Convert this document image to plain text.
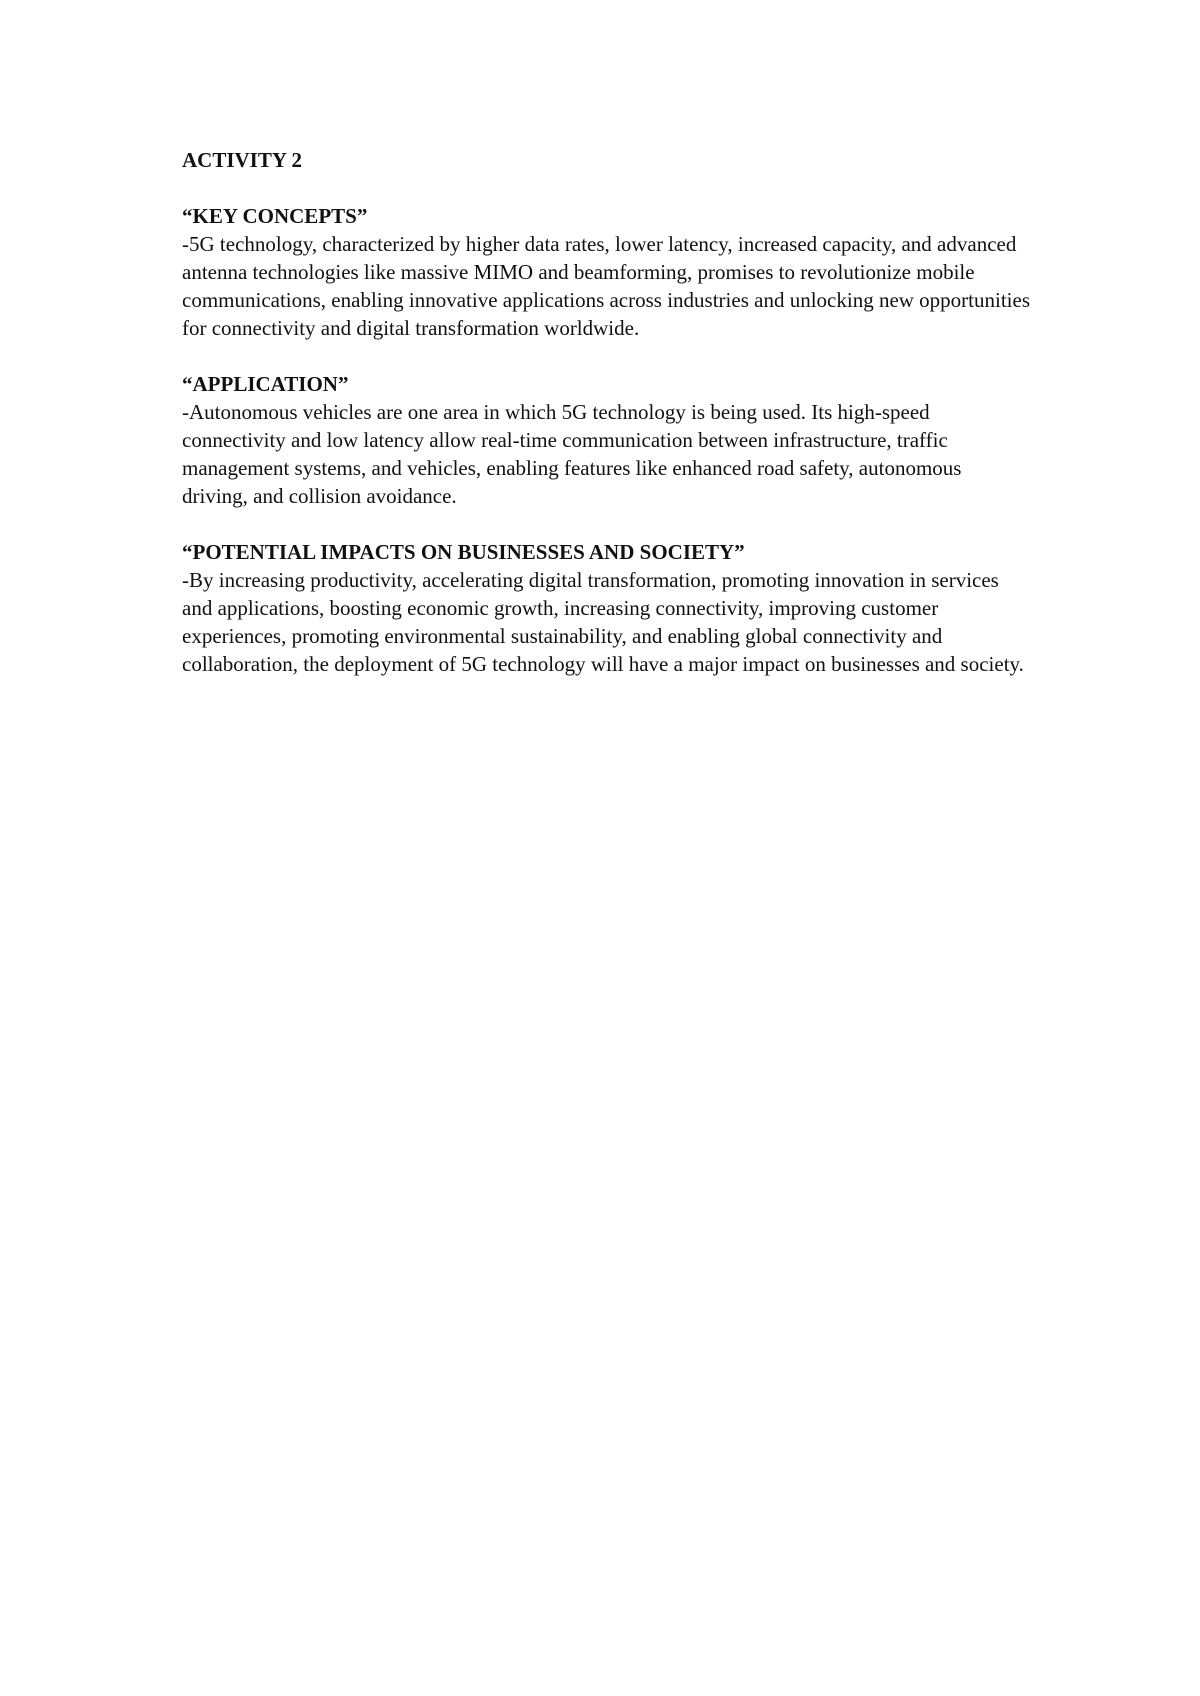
ACTIVITY 2

“KEY CONCEPTS”

-5G technology, characterized by higher data rates, lower latency, increased capacity, and advanced antenna technologies like massive MIMO and beamforming, promises to revolutionize mobile communications, enabling innovative applications across industries and unlocking new opportunities for connectivity and digital transformation worldwide.

“APPLICATION”

-Autonomous vehicles are one area in which 5G technology is being used. Its high-speed connectivity and low latency allow real-time communication between infrastructure, traffic management systems, and vehicles, enabling features like enhanced road safety, autonomous driving, and collision avoidance.

“POTENTIAL IMPACTS ON BUSINESSES AND SOCIETY”

-By increasing productivity, accelerating digital transformation, promoting innovation in services and applications, boosting economic growth, increasing connectivity, improving customer experiences, promoting environmental sustainability, and enabling global connectivity and collaboration, the deployment of 5G technology will have a major impact on businesses and society.
